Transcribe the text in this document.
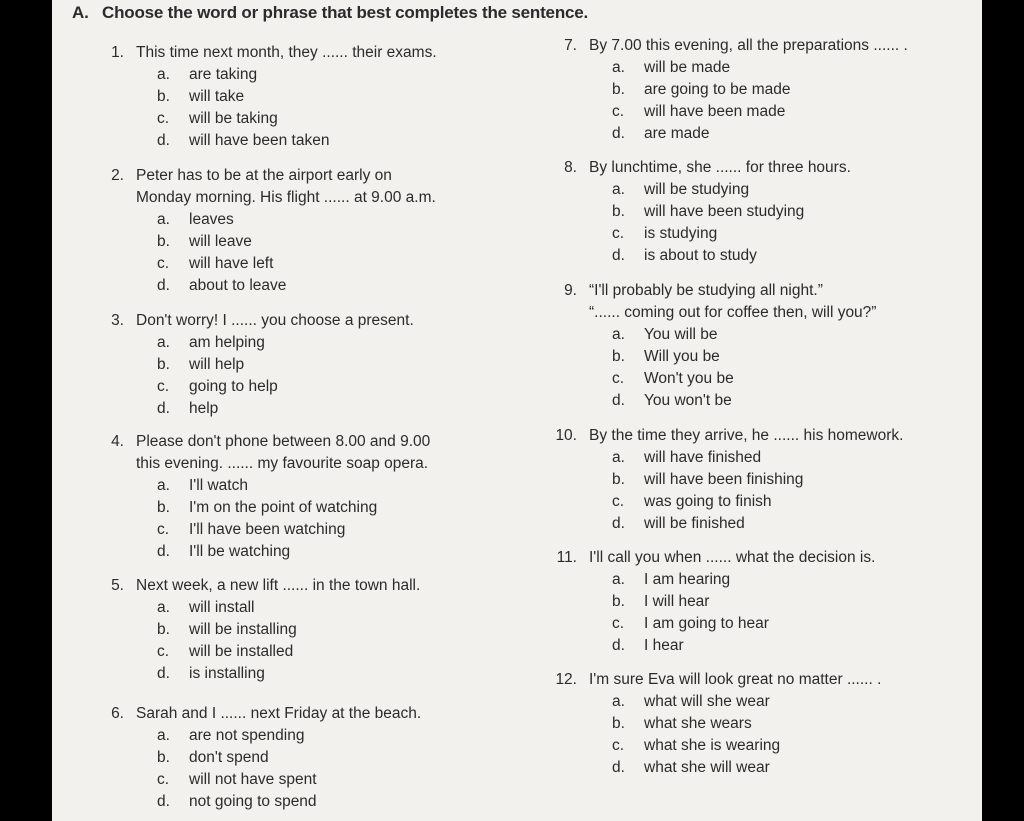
A. Choose the word or phrase that best completes the sentence.
1. This time next month, they ...... their exams.
a. are taking
b. will take
c. will be taking
d. will have been taken
2. Peter has to be at the airport early on
Monday morning. His flight ...... at 9.00 a.m.
a. leaves
b. will leave
c. will have left
d. about to leave
3. Don't worry! I ...... you choose a present.
a. am helping
b. will help
c. going to help
d. help
4. Please don't phone between 8.00 and 9.00
this evening. ...... my favourite soap opera.
a. I'll watch
b. I'm on the point of watching
c. I'll have been watching
d. I'll be watching
5. Next week, a new lift ...... in the town hall.
a. will install
b. will be installing
c. will be installed
d. is installing
6. Sarah and I ...... next Friday at the beach.
a. are not spending
b. don't spend
c. will not have spent
d. not going to spend
7. By 7.00 this evening, all the preparations ...... .
a. will be made
b. are going to be made
c. will have been made
d. are made
8. By lunchtime, she ...... for three hours.
a. will be studying
b. will have been studying
c. is studying
d. is about to study
9. “I'll probably be studying all night.”
“...... coming out for coffee then, will you?”
a. You will be
b. Will you be
c. Won't you be
d. You won't be
10. By the time they arrive, he ...... his homework.
a. will have finished
b. will have been finishing
c. was going to finish
d. will be finished
11. I'll call you when ...... what the decision is.
a. I am hearing
b. I will hear
c. I am going to hear
d. I hear
12. I'm sure Eva will look great no matter ...... .
a. what will she wear
b. what she wears
c. what she is wearing
d. what she will wear
